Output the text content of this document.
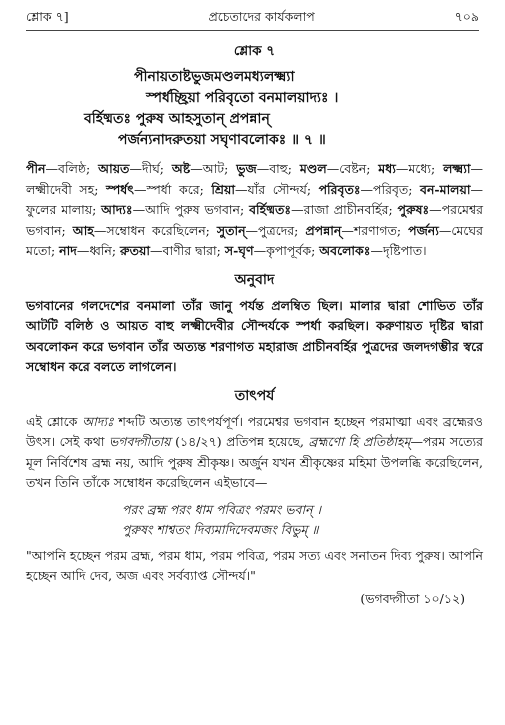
শ্লোক ৭]	প্রচেতাদের কার্যকলাপ	৭০৯
শ্লোক ৭
পীনায়তাষ্টভুজমণ্ডলমধ্যলক্ষ্ম্যা
স্পর্ধচ্ছ্রিয়া পরিবৃতো বনমালয়াদ্যঃ ।
বর্হিষ্মতঃ পুরুষ আহসুতান্ প্রপন্নান্
পর্জন্যনাদরুতয়া সঘৃণাবলোকঃ ॥ ৭ ॥

পীন—বলিষ্ঠ; আয়ত—দীর্ঘ; অষ্ট—আট; ভুজ—বাহু; মণ্ডল—বেষ্টন; মধ্য—মধ্যে; লক্ষ্ম্যা—লক্ষ্মীদেবী সহ; স্পর্ধৎ—স্পর্ধা করে; শ্রিয়া—যাঁর সৌন্দর্য; পরিবৃতঃ—পরিবৃত; বন-মালয়া—ফুলের মালায়; আদ্যঃ—আদি পুরুষ ভগবান; বর্হিষ্মতঃ—রাজা প্রাচীনবর্হির; পুরুষঃ—পরমেশ্বর ভগবান; আহ—সম্বোধন করেছিলেন; সুতান্—পুত্রদের; প্রপন্নান্—শরণাগত; পর্জন্য—মেঘের মতো; নাদ—ধ্বনি; রুতয়া—বাণীর দ্বারা; স-ঘৃণ—কৃপাপূর্বক; অবলোকঃ—দৃষ্টিপাত।

অনুবাদ

ভগবানের গলদেশের বনমালা তাঁর জানু পর্যন্ত প্রলম্বিত ছিল। মালার দ্বারা শোভিত তাঁর আটটি বলিষ্ঠ ও আয়ত বাহু লক্ষ্মীদেবীর সৌন্দর্যকে স্পর্ধা করছিল। করুণায়ত দৃষ্টির দ্বারা অবলোকন করে ভগবান তাঁর অত্যন্ত শরণাগত মহারাজ প্রাচীনবর্হির পুত্রদের জলদগম্ভীর স্বরে সম্বোধন করে বলতে লাগলেন।

তাৎপর্য

এই শ্লোকে আদ্যঃ শব্দটি অত্যন্ত তাৎপর্যপূর্ণ। পরমেশ্বর ভগবান হচ্ছেন পরমাত্মা এবং ব্রহ্মেরও উৎস। সেই কথা ভগবদ্গীতায় (১৪/২৭) প্রতিপন্ন হয়েছে, ব্রহ্মণো হি প্রতিষ্ঠাহম্—পরম সত্যের মূল নির্বিশেষ ব্রহ্ম নয়, আদি পুরুষ শ্রীকৃষ্ণ। অর্জুন যখন শ্রীকৃষ্ণের মহিমা উপলব্ধি করেছিলেন, তখন তিনি তাঁকে সম্বোধন করেছিলেন এইভাবে—

পরং ব্রহ্ম পরং ধাম পবিত্রং পরমং ভবান্ ।
পুরুষং শাশ্বতং দিব্যমাদিদেবমজং বিভুম্ ॥

"আপনি হচ্ছেন পরম ব্রহ্ম, পরম ধাম, পরম পবিত্র, পরম সত্য এবং সনাতন দিব্য পুরুষ। আপনি হচ্ছেন আদি দেব, অজ এবং সর্বব্যাপ্ত সৌন্দর্য।"

(ভগবদ্গীতা ১০/১২)
